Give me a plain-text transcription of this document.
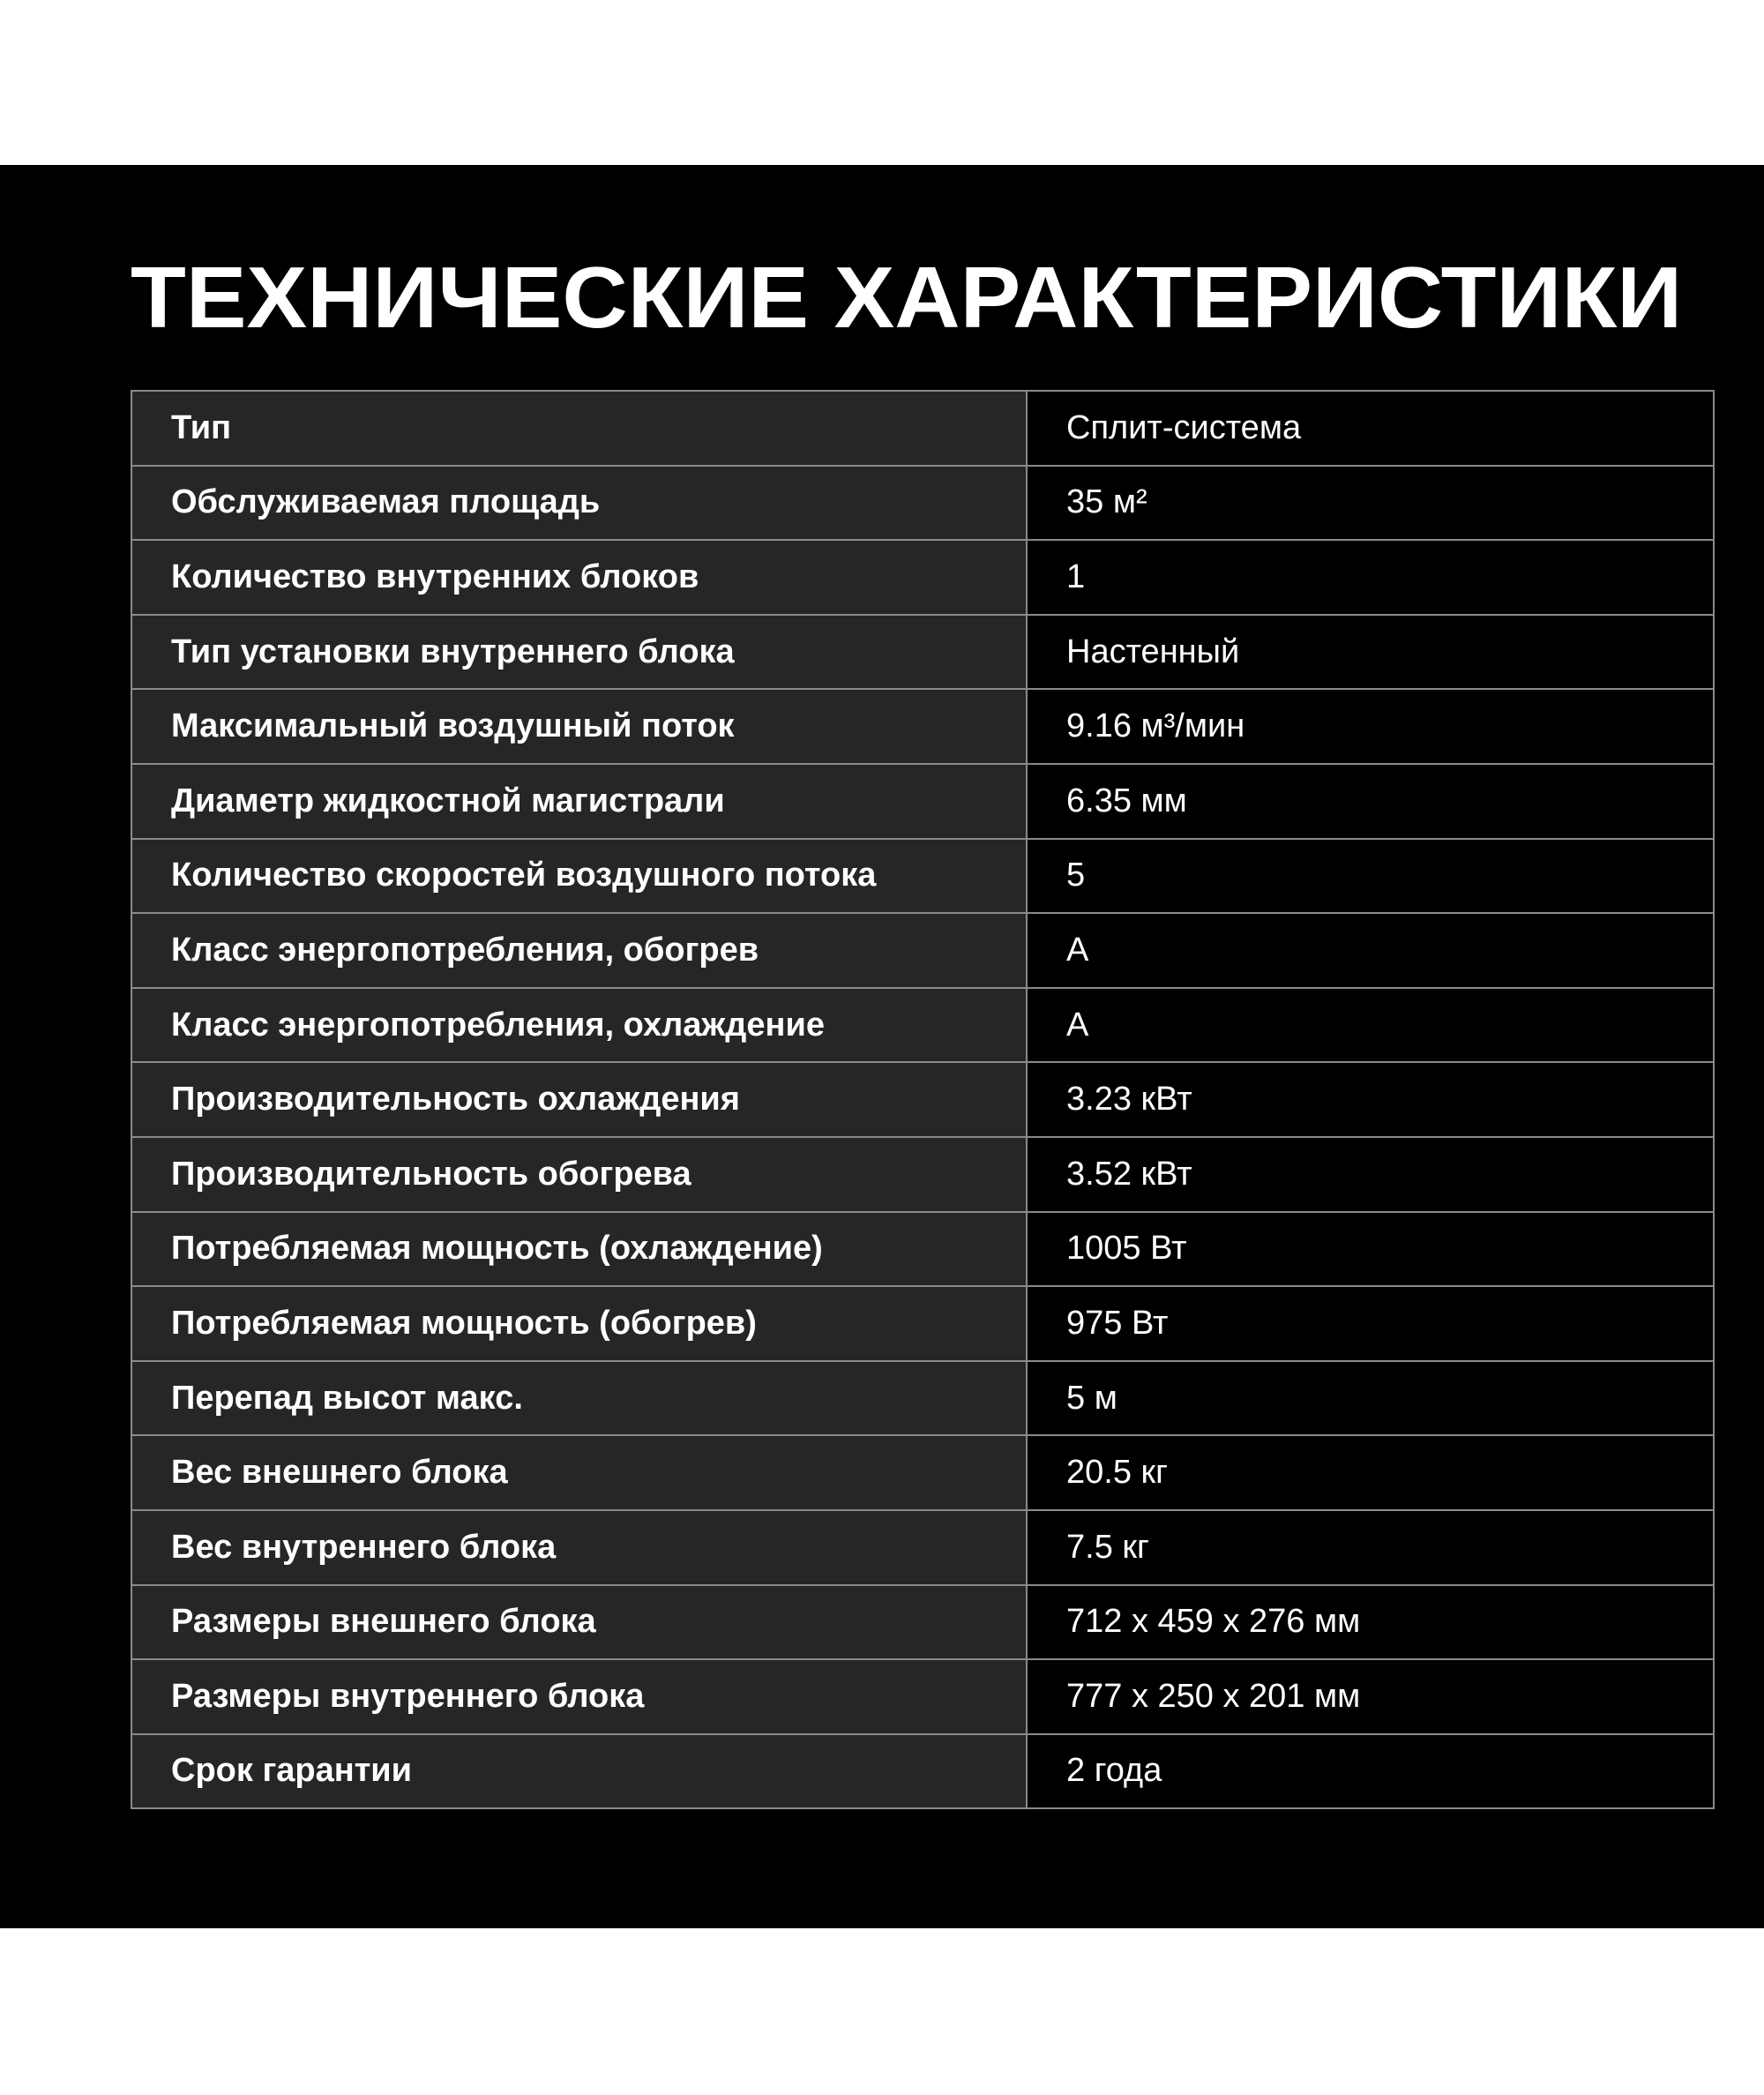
ТЕХНИЧЕСКИЕ ХАРАКТЕРИСТИКИ
Тип	Сплит-система
Обслуживаемая площадь	35 м²
Количество внутренних блоков	1
Тип установки внутреннего блока	Настенный
Максимальный воздушный поток	9.16 м³/мин
Диаметр жидкостной магистрали	6.35 мм
Количество скоростей воздушного потока	5
Класс энергопотребления, обогрев	A
Класс энергопотребления, охлаждение	A
Производительность охлаждения	3.23 кВт
Производительность обогрева	3.52 кВт
Потребляемая мощность (охлаждение)	1005 Вт
Потребляемая мощность (обогрев)	975 Вт
Перепад высот макс.	5 м
Вес внешнего блока	20.5 кг
Вес внутреннего блока	7.5 кг
Размеры внешнего блока	712 x 459 x 276 мм
Размеры внутреннего блока	777 x 250 x 201 мм
Срок гарантии	2 года
